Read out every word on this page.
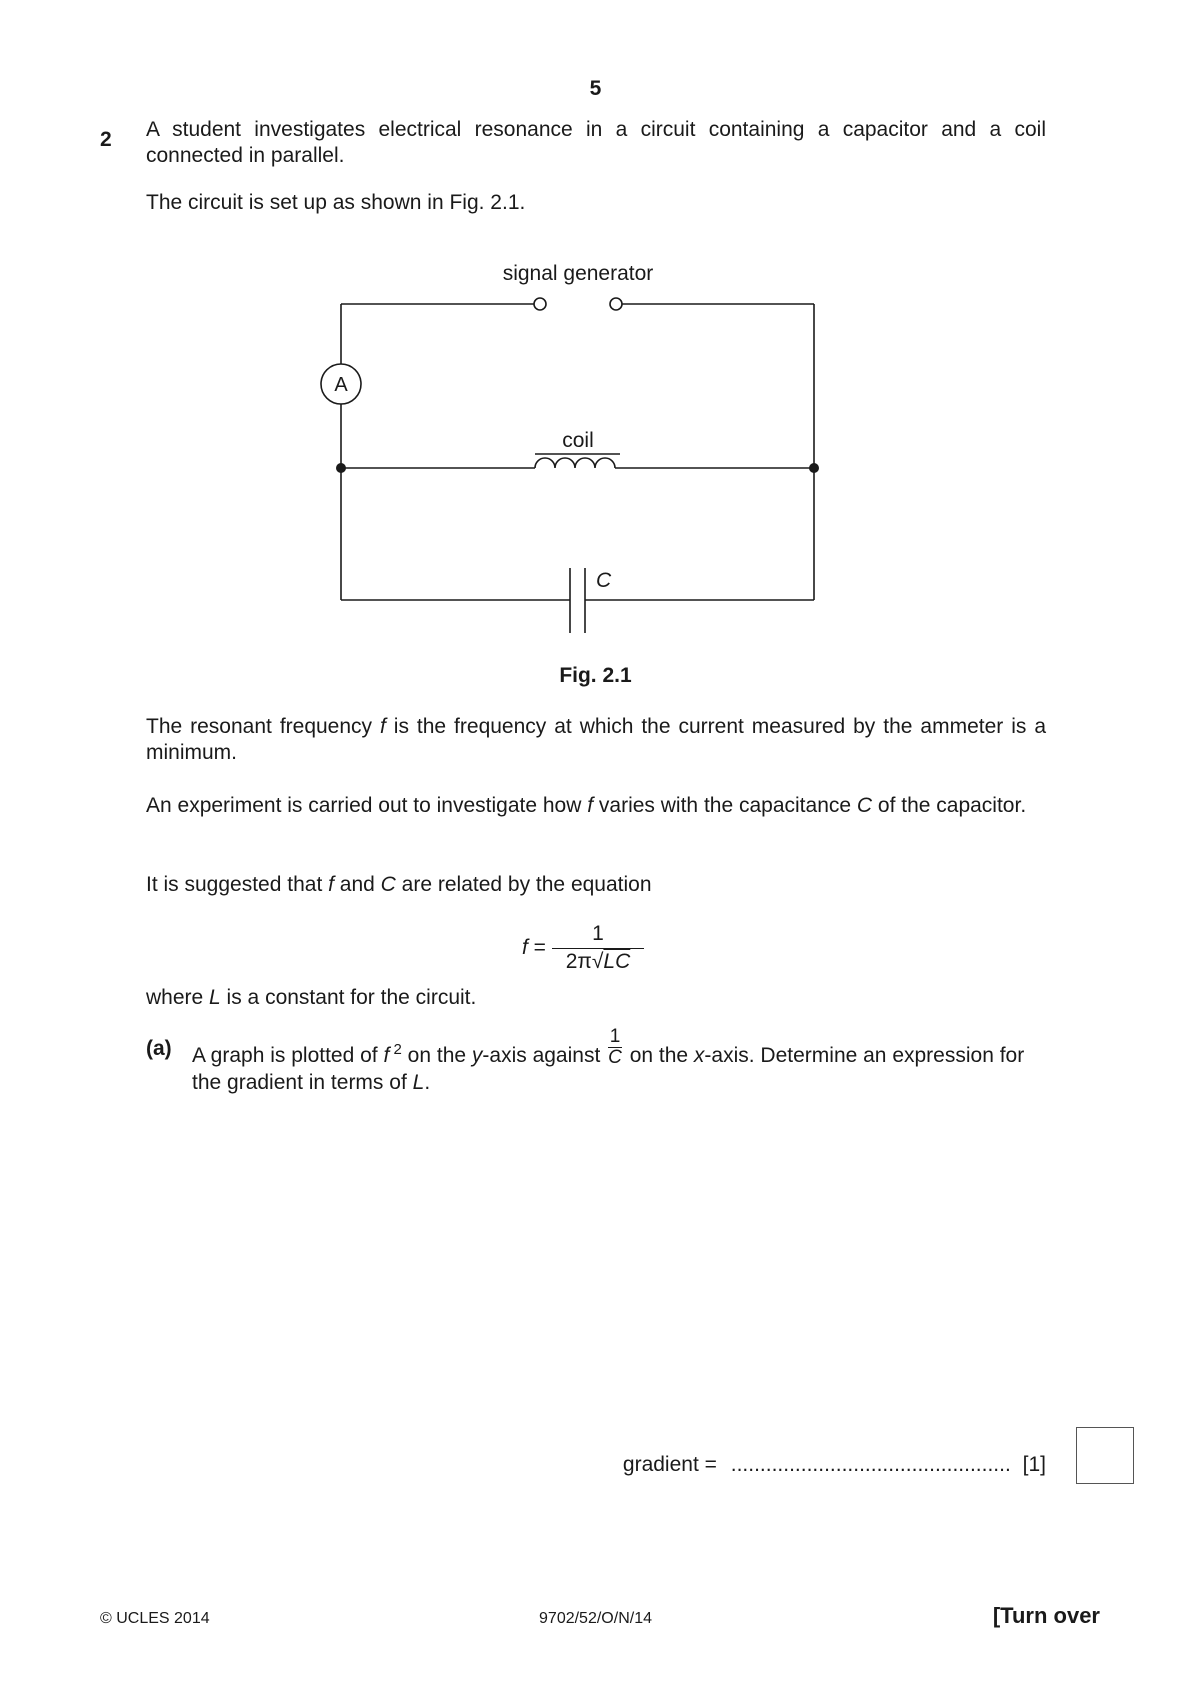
5
2 A student investigates electrical resonance in a circuit containing a capacitor and a coil connected in parallel.
The circuit is set up as shown in Fig. 2.1.
signal generator
A
coil
C
Fig. 2.1
The resonant frequency f is the frequency at which the current measured by the ammeter is a minimum.
An experiment is carried out to investigate how f varies with the capacitance C of the capacitor.
It is suggested that f and C are related by the equation
f =
1
2π√LC
where L is a constant for the circuit.
(a) A graph is plotted of f $^2$ on the y-axis against $\frac{1}{C}$ on the x-axis. Determine an expression for the gradient in terms of L.
gradient = ................................................ [1]
© UCLES 2014	9702/52/O/N/14	[Turn over
